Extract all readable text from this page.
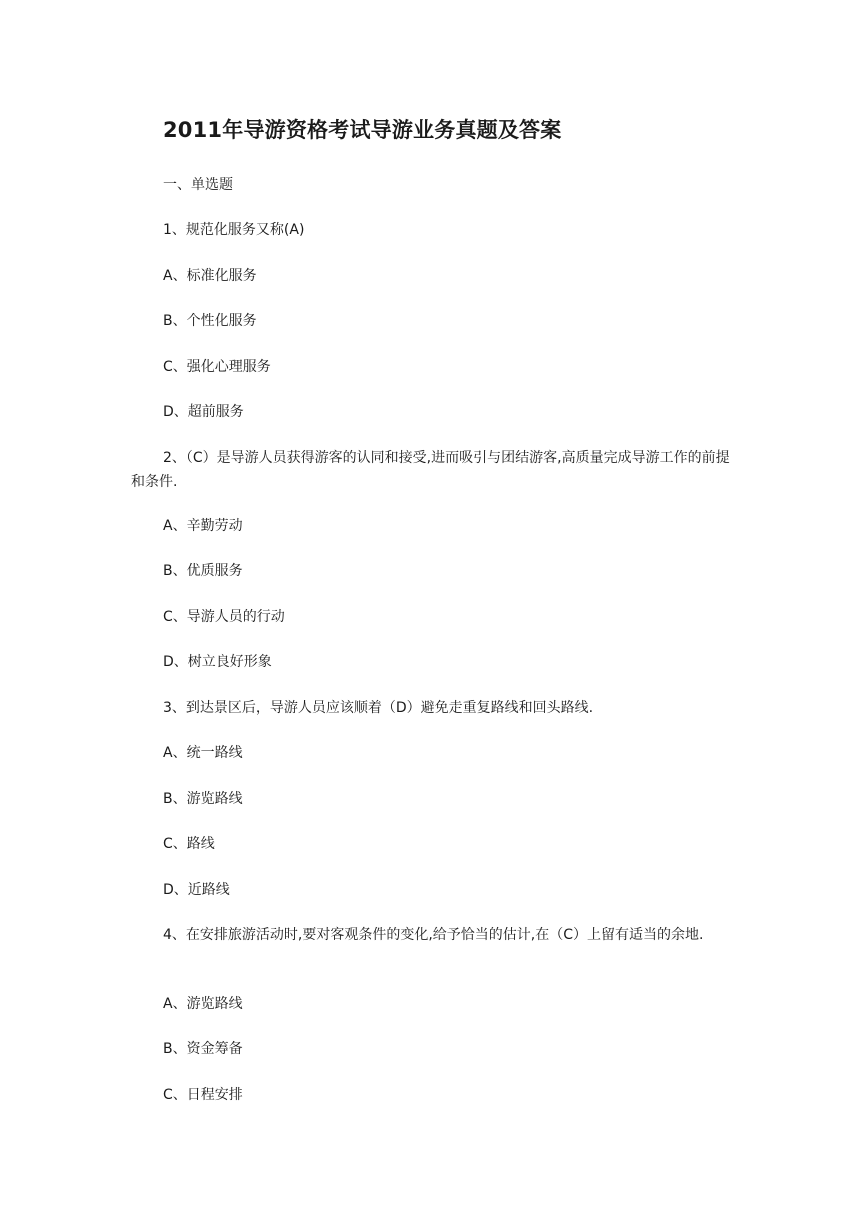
2011年导游资格考试导游业务真题及答案
一、单选题
1、规范化服务又称(A)
A、标准化服务
B、个性化服务
C、强化心理服务
D、超前服务
2、（C）是导游人员获得游客的认同和接受,进而吸引与团结游客,高质量完成导游工作的前提和条件.
A、辛勤劳动
B、优质服务
C、导游人员的行动
D、树立良好形象
3、到达景区后，导游人员应该顺着（D）避免走重复路线和回头路线.
A、统一路线
B、游览路线
C、路线
D、近路线
4、在安排旅游活动时,要对客观条件的变化,给予恰当的估计,在（C）上留有适当的余地.
A、游览路线
B、资金筹备
C、日程安排
